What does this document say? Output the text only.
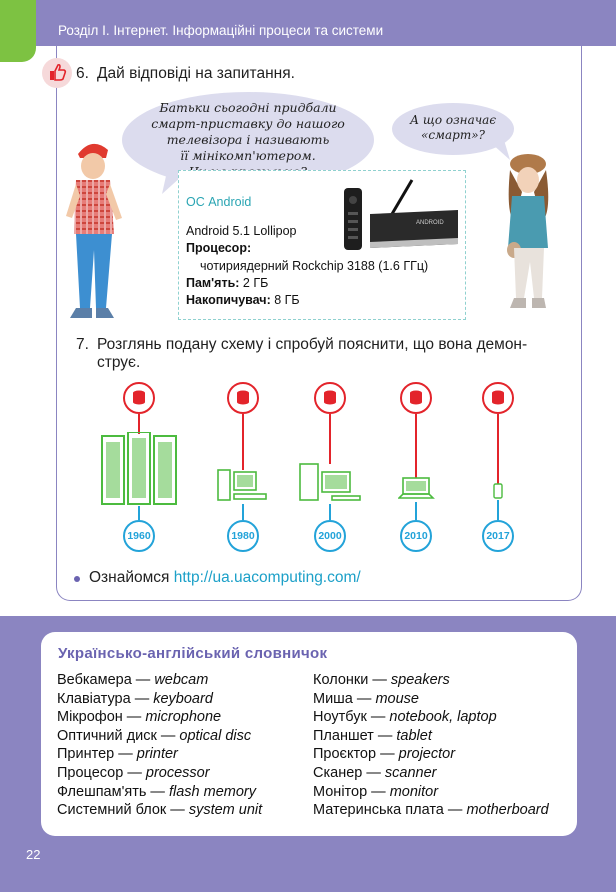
Розділ І. Інтернет. Інформаційні процеси та системи
6. Дай відповіді на запитання.
Батьки сьогодні придбали
смарт-приставку до нашого
телевізора і називають
її мінікомп'ютером.
А що означає
«смарт»?
ОС Android
Android 5.1 Lollipop
Процесор:
чотириядерний Rockchip 3188 (1.6 ГГц)
Пам'ять: 2 ГБ
Накопичувач: 8 ГБ
ANDROID
7. Розглянь подану схему і спробуй пояснити, що вона демон-
струє.
1960	1980	2000	2010	2017
Ознайомся http://ua.uacomputing.com/
Українсько-англійський словничок
Вебкамера — webcam
Клавіатура — keyboard
Мікрофон — microphone
Оптичний диск — optical disc
Принтер — printer
Процесор — processor
Флешпам'ять — flash memory
Системний блок — system unit
Колонки — speakers
Миша — mouse
Ноутбук — notebook, laptop
Планшет — tablet
Проєктор — projector
Сканер — scanner
Монітор — monitor
Материнська плата — motherboard
22
